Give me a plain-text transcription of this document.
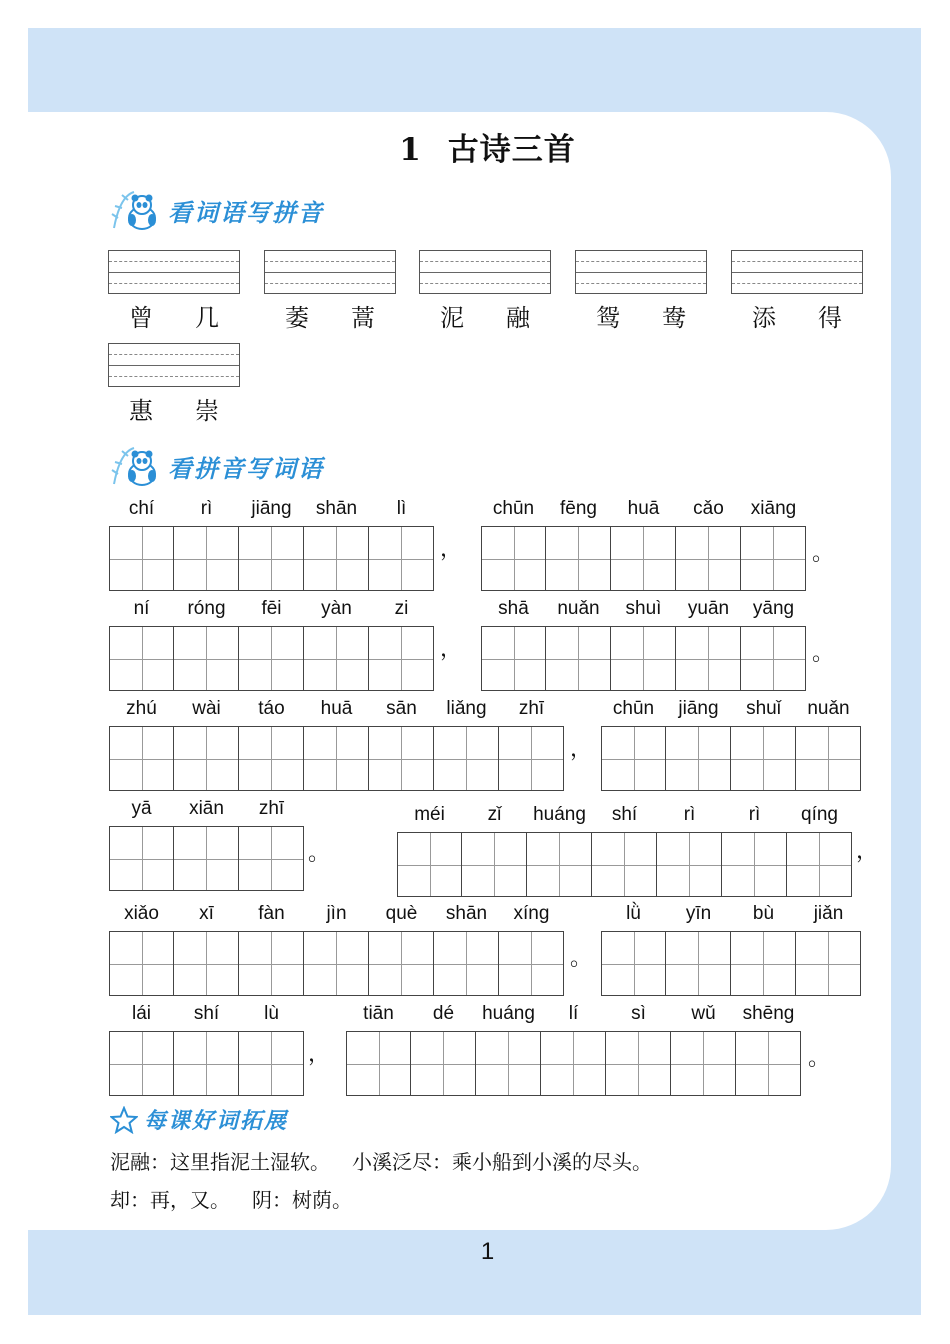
1 古诗三首
看词语写拼音
曾 几	萎 蒿	泥 融	鸳 鸯	添 得
惠 崇
看拼音写词语
chí	rì	jiāng	shān	lì	chūn	fēng	huā	cǎo	xiāng
，	。
ní	róng	fēi	yàn	zi	shā	nuǎn	shuì	yuān	yāng
，	。
zhú	wài	táo	huā	sān	liǎng	zhī	chūn	jiāng	shuǐ	nuǎn
，
yā	xiān	zhī	méi	zǐ	huáng	shí	rì	rì	qíng
。	，
xiǎo	xī	fàn	jìn	què	shān	xíng	lǜ	yīn	bù	jiǎn
。
lái	shí	lù	tiān	dé	huáng	lí	sì	wǔ	shēng
，	。
每课好词拓展
泥融：这里指泥土湿软。 小溪泛尽：乘小船到小溪的尽头。
却：再，又。 阴：树荫。
1
